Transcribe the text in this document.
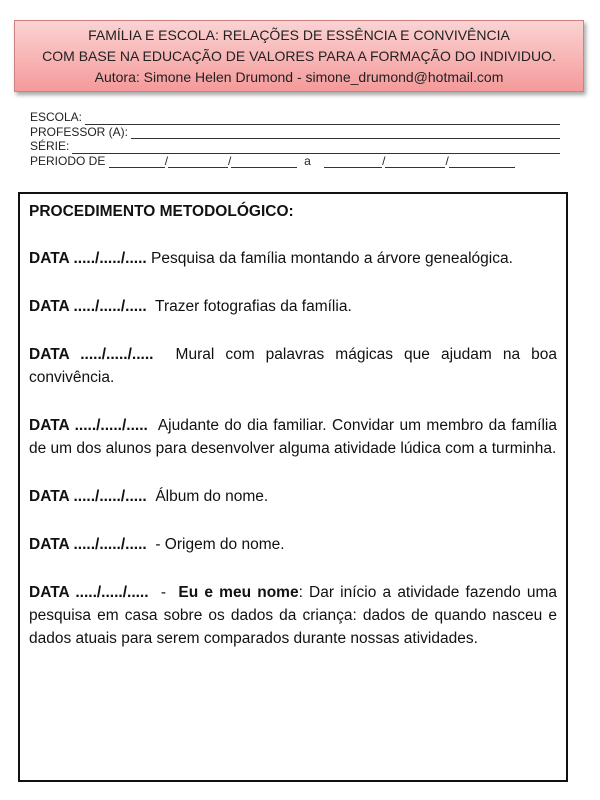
FAMÍLIA E ESCOLA: RELAÇÕES DE ESSÊNCIA E CONVIVÊNCIA
COM BASE NA EDUCAÇÃO DE VALORES PARA A FORMAÇÃO DO INDIVIDUO.
Autora: Simone Helen Drumond - simone_drumond@hotmail.com
ESCOLA:
PROFESSOR (A):
SÉRIE:
PERIODO DE	/	/	a	/	/

PROCEDIMENTO METODOLÓGICO:

DATA ...../...../..... Pesquisa da família montando a árvore genealógica.

DATA ...../...../..... Trazer fotografias da família.

DATA ...../...../..... Mural com palavras mágicas que ajudam na boa convivência.

DATA ...../...../..... Ajudante do dia familiar. Convidar um membro da família de um dos alunos para desenvolver alguma atividade lúdica com a turminha.

DATA ...../...../..... Álbum do nome.

DATA ...../...../..... - Origem do nome.

DATA ...../...../..... -  Eu e meu nome: Dar início a atividade fazendo uma pesquisa em casa sobre os dados da criança: dados de quando nasceu e dados atuais para serem comparados durante nossas atividades.
